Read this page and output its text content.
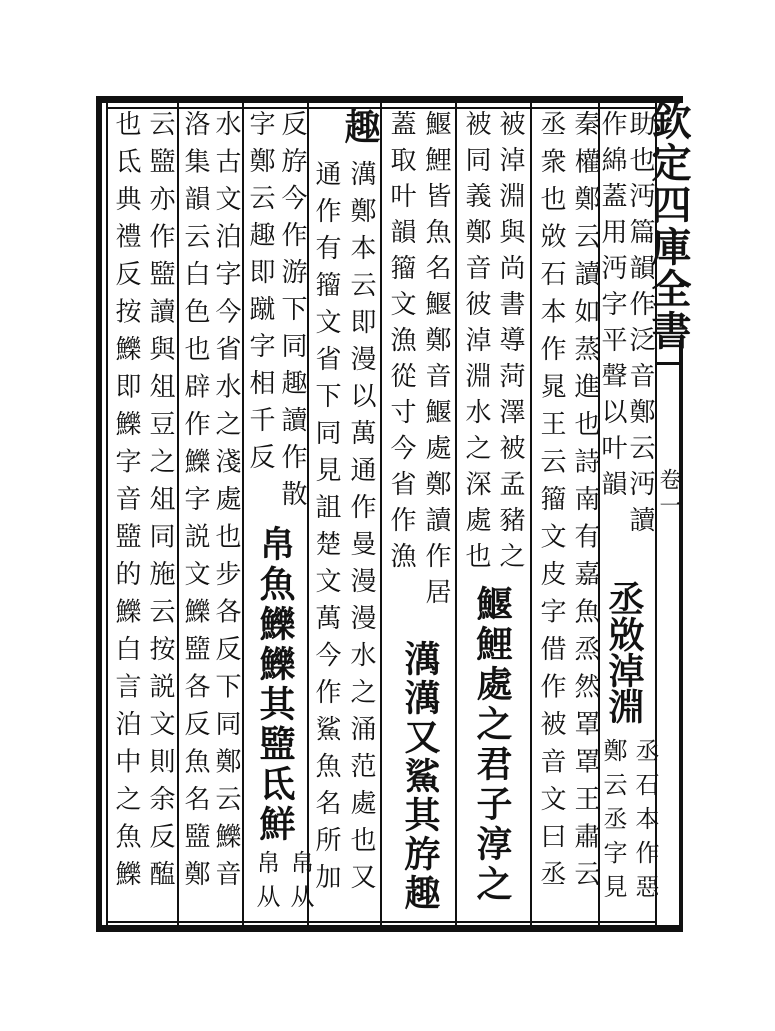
欽定四庫全書
卷一
助也沔篇韻作泛音鄭云沔讀
作綿蓋用沔字平聲以叶韻
丞敚淖淵
丞石本作惡
鄭云丞字見
秦權鄭云讀如蒸進也詩南有嘉魚烝然罩罩王肅云
丞衆也敚石本作晁王云籀文皮字借作被音文曰丞
被淖淵與尚書導菏澤被孟豬之
被同義鄭音彼淖淵水之深處也
鰋鯉處之君子淳之
鰋鯉皆魚名鰋鄭音鰋處鄭讀作居
蓋取叶韻籀文漁從寸今省作漁
澫澫又鯊其斿趣
趣
澫鄭本云即漫以萬通作曼漫漫水之涌范處也又
通作有籀文省下同見詛楚文萬今作鯊魚名所加
反斿今作游下同趣讀作散
字鄭云趣即蹴字相千反
帛魚鱳鱳其盬氐鮮
帛从
帛从
水古文泊字今省水之淺處也步各反下同鄭云鱳音
洛集韻云白色也辟作鱳字説文鱳盬各反魚名盬鄭
云盬亦作盬讀與俎豆之俎同施云按説文則余反醢
也氐典禮反按鱳即鱳字音盬的鱳白言泊中之魚鱳
